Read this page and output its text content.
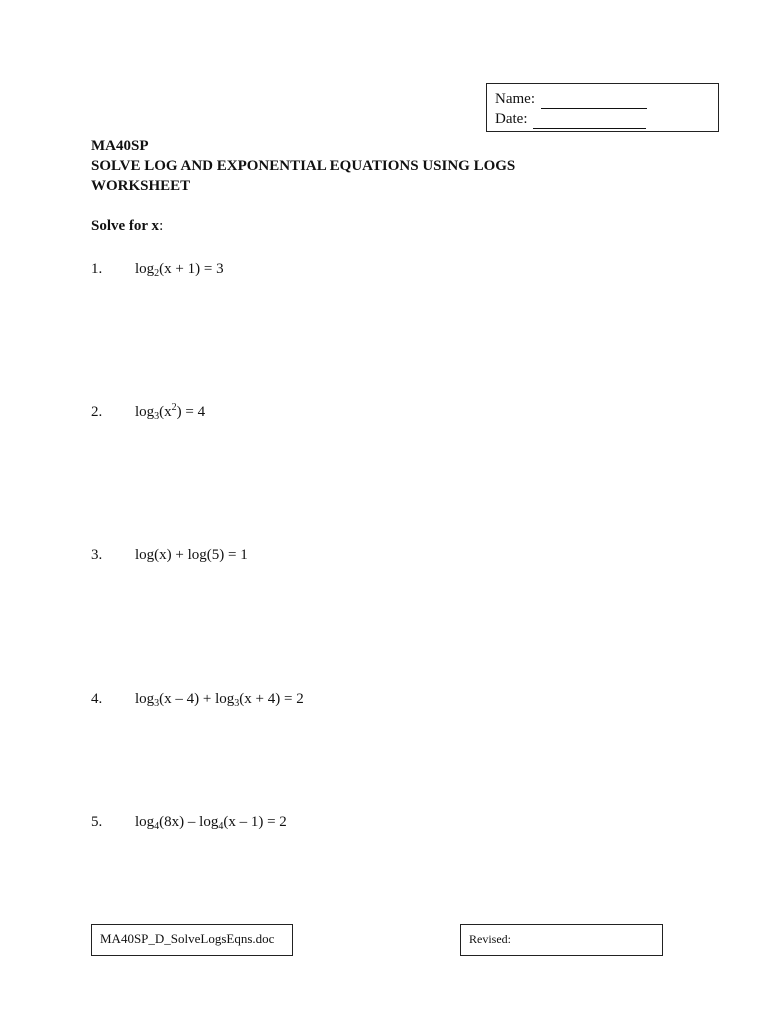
Name:
Date:
MA40SP
SOLVE LOG AND EXPONENTIAL EQUATIONS USING LOGS
WORKSHEET
Solve for x:
1.	$\log_2(x + 1) = 3$
2.	$\log_3(x^2) = 4$
3.	log(x) + log(5) = 1
4.	$\log_3(x - 4) + \log_3(x + 4) = 2$
5.	$\log_4(8x) - \log_4(x - 1) = 2$
MA40SP_D_SolveLogsEqns.doc	Revised:
